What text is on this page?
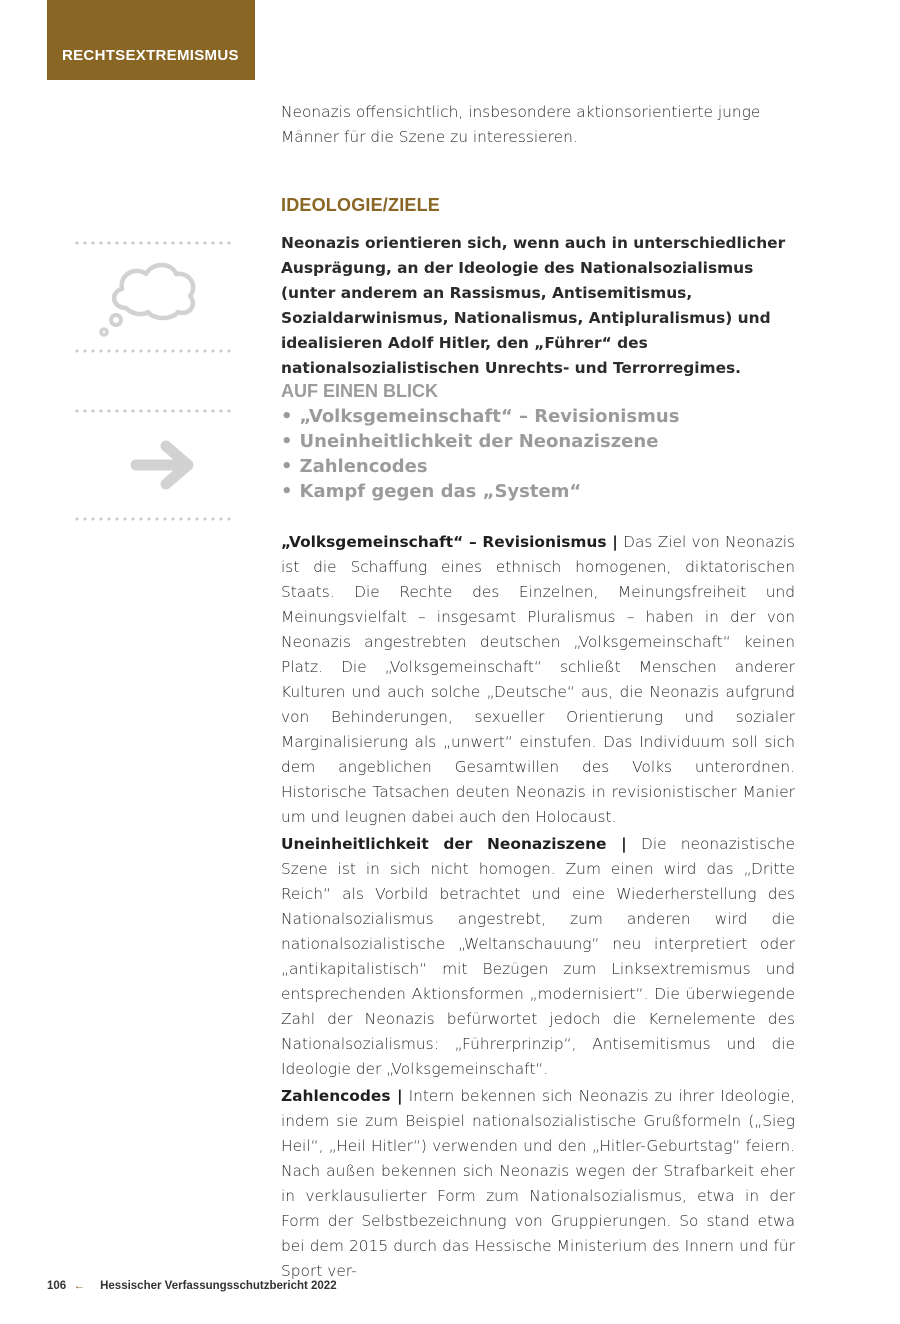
RECHTSEXTREMISMUS
Neonazis offensichtlich, insbesondere aktionsorientierte junge Männer für die Szene zu interessieren.
IDEOLOGIE/ZIELE
Neonazis orientieren sich, wenn auch in unterschiedlicher Ausprägung, an der Ideologie des Nationalsozialismus (unter anderem an Rassismus, Antisemitismus, Sozialdarwinismus, Nationalismus, Antipluralismus) und idealisieren Adolf Hitler, den „Führer“ des nationalsozialistischen Unrechts- und Terrorregimes.

AUF EINEN BLICK

• „Volksgemeinschaft“ – Revisionismus
• Uneinheitlichkeit der Neonaziszene
• Zahlencodes
• Kampf gegen das „System“
„Volksgemeinschaft“ – Revisionismus | Das Ziel von Neonazis ist die Schaffung eines ethnisch homogenen, diktatorischen Staats. Die Rechte des Einzelnen, Meinungsfreiheit und Meinungsvielfalt – insgesamt Pluralismus – haben in der von Neonazis angestrebten deutschen „Volksgemeinschaft“ keinen Platz. Die „Volksgemeinschaft“ schließt Menschen anderer Kulturen und auch solche „Deutsche“ aus, die Neonazis aufgrund von Behinderungen, sexueller Orientierung und sozialer Marginalisierung als „unwert“ einstufen. Das Individuum soll sich dem angeblichen Gesamtwillen des Volks unterordnen. Historische Tatsachen deuten Neonazis in revisionistischer Manier um und leugnen dabei auch den Holocaust.
Uneinheitlichkeit der Neonaziszene | Die neonazistische Szene ist in sich nicht homogen. Zum einen wird das „Dritte Reich“ als Vorbild betrachtet und eine Wiederherstellung des Nationalsozialismus angestrebt, zum anderen wird die nationalsozialistische „Weltanschauung“ neu interpretiert oder „antikapitalistisch“ mit Bezügen zum Linksextremismus und entsprechenden Aktionsformen „modernisiert“. Die überwiegende Zahl der Neonazis befürwortet jedoch die Kernelemente des Nationalsozialismus: „Führerprinzip“, Antisemitismus und die Ideologie der „Volksgemeinschaft“.
Zahlencodes | Intern bekennen sich Neonazis zu ihrer Ideologie, indem sie zum Beispiel nationalsozialistische Grußformeln („Sieg Heil“, „Heil Hitler“) verwenden und den „Hitler-Geburtstag“ feiern. Nach außen bekennen sich Neonazis wegen der Strafbarkeit eher in verklausulierter Form zum Nationalsozialismus, etwa in der Form der Selbstbezeichnung von Gruppierungen. So stand etwa bei dem 2015 durch das Hessische Ministerium des Innern und für Sport ver-
106 ← Hessischer Verfassungsschutzbericht 2022
